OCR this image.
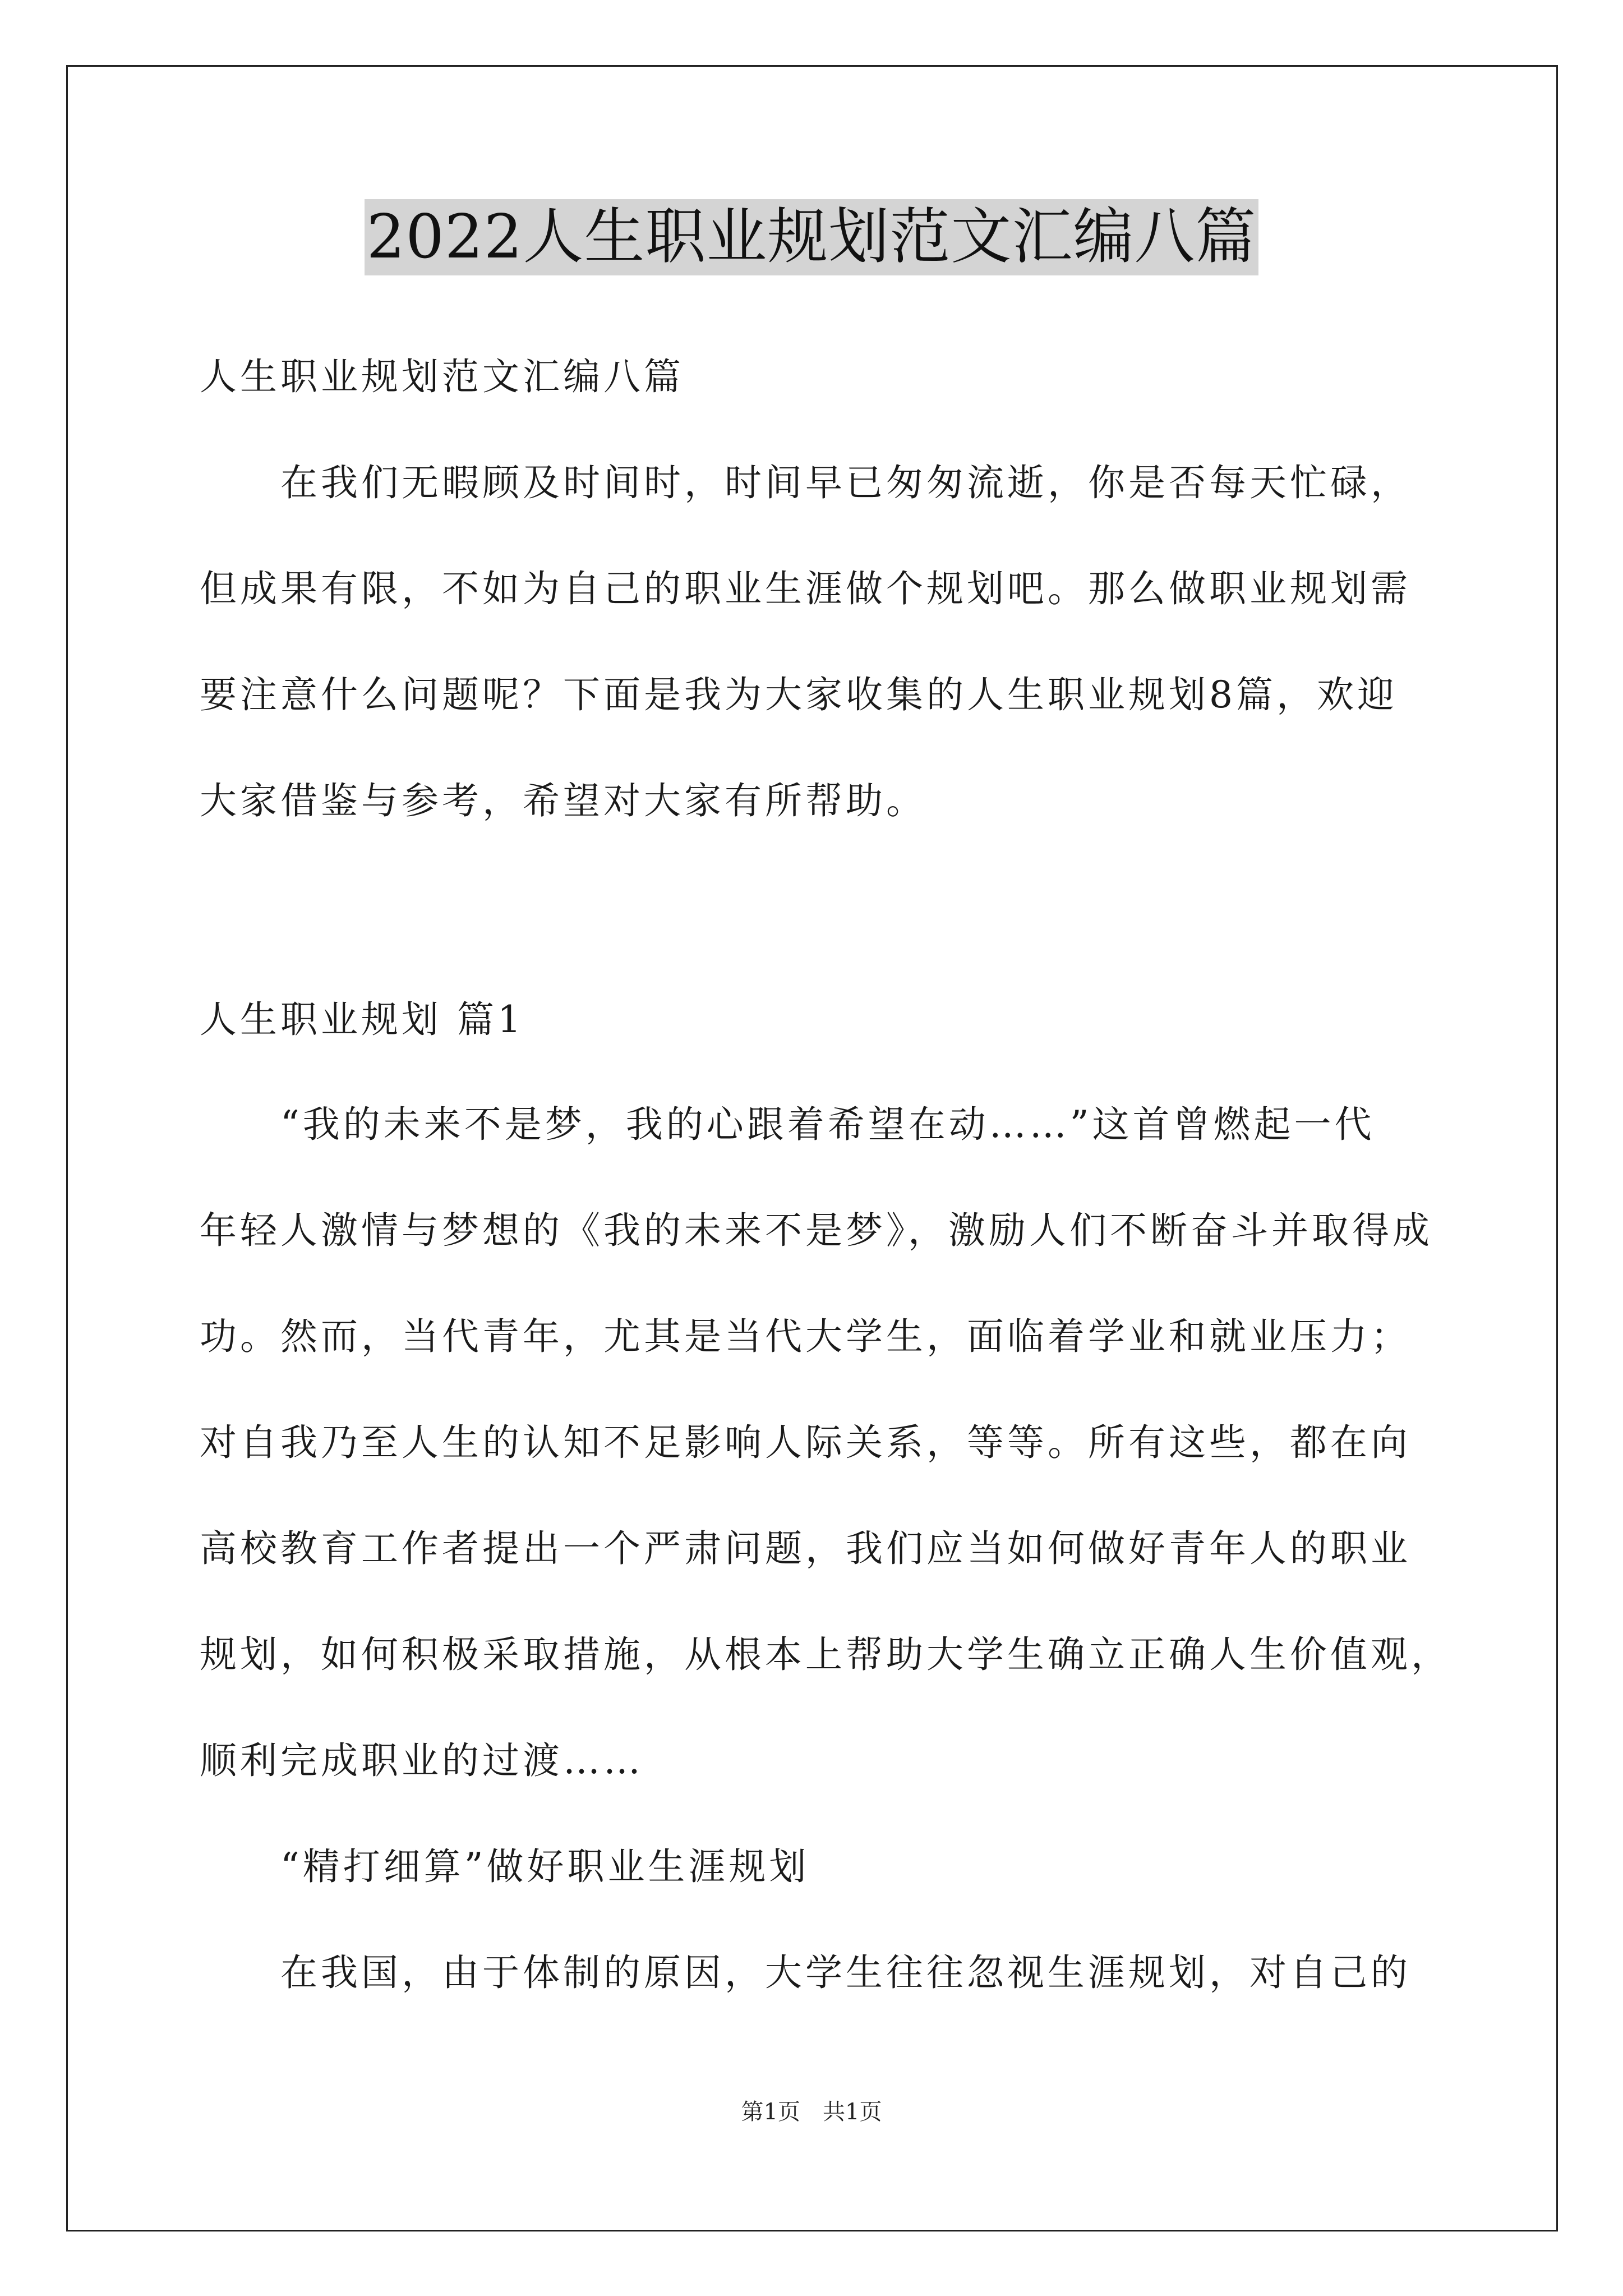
2022人生职业规划范文汇编八篇
人生职业规划范文汇编八篇
在我们无暇顾及时间时，时间早已匆匆流逝，你是否每天忙碌，
但成果有限，不如为自己的职业生涯做个规划吧。那么做职业规划需
要注意什么问题呢？下面是我为大家收集的人生职业规划8篇，欢迎
大家借鉴与参考，希望对大家有所帮助。
人生职业规划 篇1
“我的未来不是梦，我的心跟着希望在动……”这首曾燃起一代
年轻人激情与梦想的《我的未来不是梦》，激励人们不断奋斗并取得成
功。然而，当代青年，尤其是当代大学生，面临着学业和就业压力；
对自我乃至人生的认知不足影响人际关系，等等。所有这些，都在向
高校教育工作者提出一个严肃问题，我们应当如何做好青年人的职业
规划，如何积极采取措施，从根本上帮助大学生确立正确人生价值观，
顺利完成职业的过渡……
“精打细算”做好职业生涯规划
在我国，由于体制的原因，大学生往往忽视生涯规划，对自己的
第1页　共1页
